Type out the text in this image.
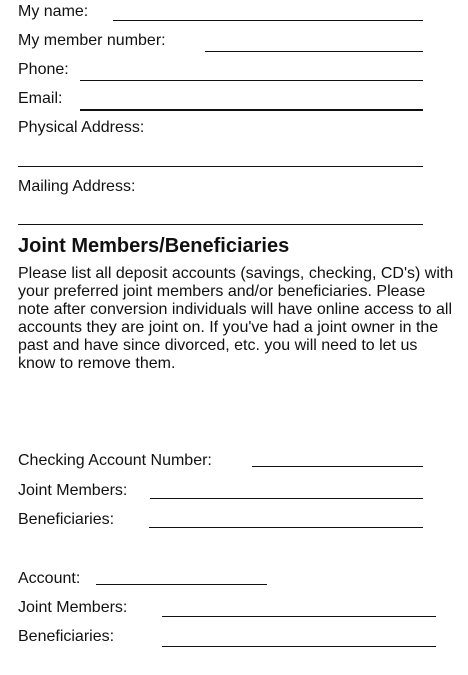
My name:
My member number:
Phone:
Email:
Physical Address:
Mailing Address:
Joint Members/Beneficiaries
Please list all deposit accounts (savings, checking, CD's) with your preferred joint members and/or beneficiaries. Please note after conversion individuals will have online access to all accounts they are joint on. If you've had a joint owner in the past and have since divorced, etc. you will need to let us know to remove them.
Checking Account Number:
Joint Members:
Beneficiaries:
Account:
Joint Members:
Beneficiaries:
